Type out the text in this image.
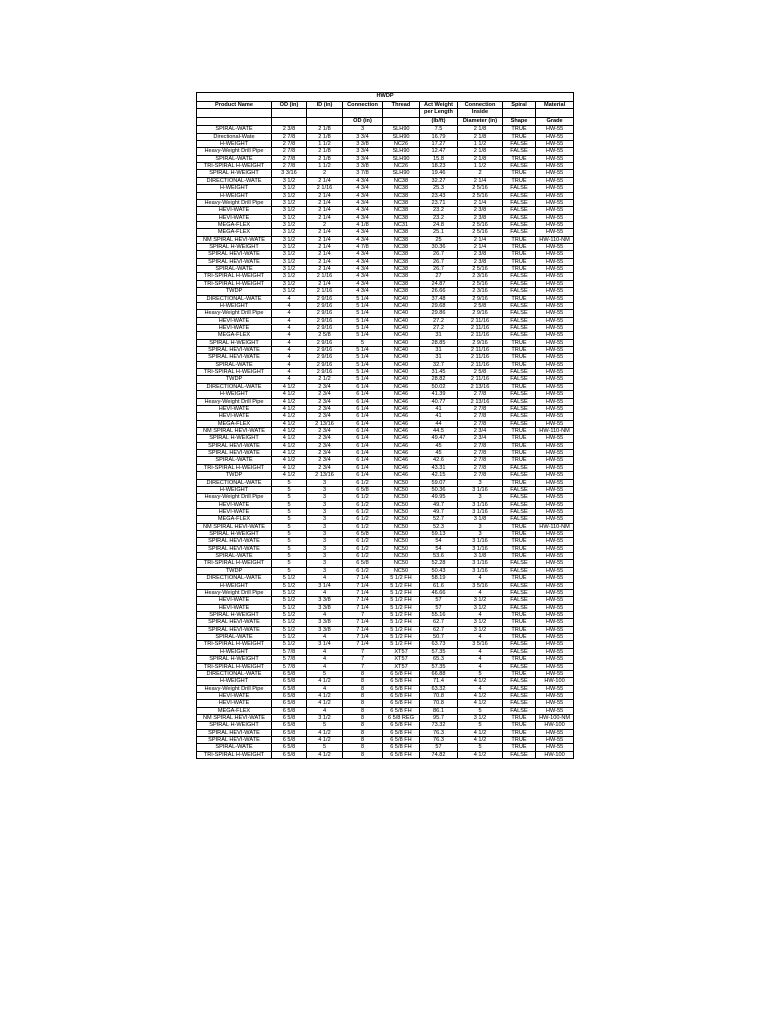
HWDP								
Product Name	OD (in)	ID (in)	Connection	Thread	Act Weight	Connection	Spiral	Material
					per Length	Inside		
			OD (in)		(lb/ft)	Diameter (in)	Shape	Grade
SPIRAL-WATE	2 3/8	2 1/8	3	SLH90	7.5	2 1/8	TRUE	HW-55
Directional-Wate	2 7/8	2 1/8	3 3/4	SLH90	16.79	2 1/8	TRUE	HW-55
H-WEIGHT	2 7/8	1 1/2	3 3/8	NC26	17.27	1 1/2	FALSE	HW-55
Heavy-Weight Drill Pipe	2 7/8	2 1/8	3 3/4	SLH90	12.47	2 1/8	FALSE	HW-55
SPIRAL-WATE	2 7/8	2 1/8	3 3/4	SLH90	15.8	2 1/8	TRUE	HW-55
TRI-SPIRAL H-WEIGHT	2 7/8	1 1/2	3 3/8	NC26	18.23	1 1/2	FALSE	HW-55
SPIRAL H-WEIGHT	3 3/16	2	3 7/8	SLH90	19.46	2	TRUE	HW-55
DIRECTIONAL-WATE	3 1/2	2 1/4	4 3/4	NC38	32.27	2 1/4	TRUE	HW-55
H-WEIGHT	3 1/2	2 1/16	4 3/4	NC38	25.3	2 5/16	FALSE	HW-55
H-WEIGHT	3 1/2	2 1/4	4 3/4	NC38	23.43	2 5/16	FALSE	HW-55
Heavy-Weight Drill Pipe	3 1/2	2 1/4	4 3/4	NC38	23.71	2 1/4	FALSE	HW-55
HEVI-WATE	3 1/2	2 1/4	4 3/4	NC38	23.2	2 3/8	FALSE	HW-55
HEVI-WATE	3 1/2	2 1/4	4 3/4	NC38	23.2	2 3/8	FALSE	HW-55
MEGA-FLEX	3 1/2	2	4 1/8	NC31	24.8	2 5/16	FALSE	HW-55
MEGA-FLEX	3 1/2	2 1/4	4 3/4	NC38	25.1	2 5/16	FALSE	HW-55
NM SPIRAL HEVI-WATE	3 1/2	2 1/4	4 3/4	NC38	25	2 1/4	TRUE	HW-110-NM
SPIRAL H-WEIGHT	3 1/2	2 1/4	4 7/8	NC38	30.36	2 1/4	TRUE	HW-55
SPIRAL HEVI-WATE	3 1/2	2 1/4	4 3/4	NC38	26.7	2 3/8	TRUE	HW-55
SPIRAL HEVI-WATE	3 1/2	2 1/4	4 3/4	NC38	26.7	2 3/8	TRUE	HW-55
SPIRAL-WATE	3 1/2	2 1/4	4 3/4	NC38	26.7	2 5/16	TRUE	HW-55
TRI-SPIRAL H-WEIGHT	3 1/2	2 1/16	4 3/4	NC38	27	2 3/16	FALSE	HW-55
TRI-SPIRAL H-WEIGHT	3 1/2	2 1/4	4 3/4	NC38	24.87	2 5/16	FALSE	HW-55
TWDP	3 1/2	2 1/16	4 3/4	NC38	26.66	2 3/16	FALSE	HW-55
DIRECTIONAL-WATE	4	2 9/16	5 1/4	NC40	37.48	2 9/16	TRUE	HW-55
H-WEIGHT	4	2 9/16	5 1/4	NC40	29.68	2 5/8	FALSE	HW-55
Heavy-Weight Drill Pipe	4	2 9/16	5 1/4	NC40	29.86	2 9/16	FALSE	HW-55
HEVI-WATE	4	2 9/16	5 1/4	NC40	27.2	2 11/16	FALSE	HW-55
HEVI-WATE	4	2 9/16	5 1/4	NC40	27.2	2 11/16	FALSE	HW-55
MEGA-FLEX	4	2 5/8	5 1/4	NC40	31	2 11/16	FALSE	HW-55
SPIRAL H-WEIGHT	4	2 9/16	5	NC40	28.85	2 9/16	TRUE	HW-55
SPIRAL HEVI-WATE	4	2 9/16	5 1/4	NC40	31	2 11/16	TRUE	HW-55
SPIRAL HEVI-WATE	4	2 9/16	5 1/4	NC40	31	2 11/16	TRUE	HW-55
SPIRAL-WATE	4	2 9/16	5 1/4	NC40	32.7	2 11/16	TRUE	HW-55
TRI-SPIRAL H-WEIGHT	4	2 9/16	5 1/4	NC40	31.45	2 5/8	FALSE	HW-55
TWDP	4	2 1/2	5 1/4	NC40	28.82	2 11/16	FALSE	HW-55
DIRECTIONAL-WATE	4 1/2	2 3/4	6 1/4	NC46	50.02	2 13/16	TRUE	HW-55
H-WEIGHT	4 1/2	2 3/4	6 1/4	NC46	41.39	2 7/8	FALSE	HW-55
Heavy-Weight Drill Pipe	4 1/2	2 3/4	6 1/4	NC46	40.77	2 13/16	FALSE	HW-55
HEVI-WATE	4 1/2	2 3/4	6 1/4	NC46	41	2 7/8	FALSE	HW-55
HEVI-WATE	4 1/2	2 3/4	6 1/4	NC46	41	2 7/8	FALSE	HW-55
MEGA-FLEX	4 1/2	2 13/16	6 1/4	NC46	44	2 7/8	FALSE	HW-55
NM SPIRAL HEVI-WATE	4 1/2	2 3/4	6 1/4	NC46	44.5	2 3/4	TRUE	HW-110-NM
SPIRAL H-WEIGHT	4 1/2	2 3/4	6 1/4	NC46	49.47	2 3/4	TRUE	HW-55
SPIRAL HEVI-WATE	4 1/2	2 3/4	6 1/4	NC46	45	2 7/8	TRUE	HW-55
SPIRAL HEVI-WATE	4 1/2	2 3/4	6 1/4	NC46	45	2 7/8	TRUE	HW-55
SPIRAL-WATE	4 1/2	2 3/4	6 1/4	NC46	42.6	2 7/8	TRUE	HW-55
TRI-SPIRAL H-WEIGHT	4 1/2	2 3/4	6 1/4	NC46	43.31	2 7/8	FALSE	HW-55
TWDP	4 1/2	2 13/16	6 1/4	NC46	42.15	2 7/8	FALSE	HW-55
DIRECTIONAL-WATE	5	3	6 1/2	NC50	59.07	3	TRUE	HW-55
H-WEIGHT	5	3	6 5/8	NC50	50.36	3 1/16	FALSE	HW-55
Heavy-Weight Drill Pipe	5	3	6 1/2	NC50	49.95	3	FALSE	HW-55
HEVI-WATE	5	3	6 1/2	NC50	49.7	3 1/16	FALSE	HW-55
HEVI-WATE	5	3	6 1/2	NC50	49.7	3 1/16	FALSE	HW-55
MEGA-FLEX	5	3	6 1/2	NC50	52.7	3 1/8	FALSE	HW-55
NM SPIRAL HEVI-WATE	5	3	6 1/2	NC50	52.3	3	TRUE	HW-110-NM
SPIRAL H-WEIGHT	5	3	6 5/8	NC50	59.13	3	TRUE	HW-55
SPIRAL HEVI-WATE	5	3	6 1/2	NC50	54	3 1/16	TRUE	HW-55
SPIRAL HEVI-WATE	5	3	6 1/2	NC50	54	3 1/16	TRUE	HW-55
SPIRAL-WATE	5	3	6 1/2	NC50	53.6	3 1/8	TRUE	HW-55
TRI-SPIRAL H-WEIGHT	5	3	6 5/8	NC50	52.28	3 1/16	FALSE	HW-55
TWDP	5	3	6 1/2	NC50	50.43	3 1/16	FALSE	HW-55
DIRECTIONAL-WATE	5 1/2	4	7 1/4	5 1/2 FH	58.19	4	TRUE	HW-55
H-WEIGHT	5 1/2	3 1/4	7 1/4	5 1/2 FH	61.6	3 5/16	FALSE	HW-55
Heavy-Weight Drill Pipe	5 1/2	4	7 1/4	5 1/2 FH	46.66	4	FALSE	HW-55
HEVI-WATE	5 1/2	3 3/8	7 1/4	5 1/2 FH	57	3 1/2	FALSE	HW-55
HEVI-WATE	5 1/2	3 3/8	7 1/4	5 1/2 FH	57	3 1/2	FALSE	HW-55
SPIRAL H-WEIGHT	5 1/2	4	7	5 1/2 FH	55.16	4	TRUE	HW-55
SPIRAL HEVI-WATE	5 1/2	3 3/8	7 1/4	5 1/2 FH	62.7	3 1/2	TRUE	HW-55
SPIRAL HEVI-WATE	5 1/2	3 3/8	7 1/4	5 1/2 FH	62.7	3 1/2	TRUE	HW-55
SPIRAL-WATE	5 1/2	4	7 1/4	5 1/2 FH	50.7	4	TRUE	HW-55
TRI-SPIRAL H-WEIGHT	5 1/2	3 1/4	7 1/4	5 1/2 FH	63.73	3 5/16	FALSE	HW-55
H-WEIGHT	5 7/8	4	7	XT57	57.35	4	FALSE	HW-55
SPIRAL H-WEIGHT	5 7/8	4	7	XT57	65.3	4	TRUE	HW-55
TRI-SPIRAL H-WEIGHT	5 7/8	4	7	XT57	57.35	4	FALSE	HW-55
DIRECTIONAL-WATE	6 5/8	5	8	6 5/8 FH	66.88	5	TRUE	HW-55
H-WEIGHT	6 5/8	4 1/2	8	6 5/8 FH	71.4	4 1/2	FALSE	HW-100
Heavy-Weight Drill Pipe	6 5/8	4	8	6 5/8 FH	63.32	4	FALSE	HW-55
HEVI-WATE	6 5/8	4 1/2	8	6 5/8 FH	70.8	4 1/2	FALSE	HW-55
HEVI-WATE	6 5/8	4 1/2	8	6 5/8 FH	70.8	4 1/2	FALSE	HW-55
MEGA-FLEX	6 5/8	4	8	6 5/8 FH	86.1	5	FALSE	HW-55
NM SPIRAL HEVI-WATE	6 5/8	3 1/2	8	6 5/8 REG	95.7	3 1/2	TRUE	HW-100-NM
SPIRAL H-WEIGHT	6 5/8	5	8	6 5/8 FH	73.32	5	TRUE	HW-100
SPIRAL HEVI-WATE	6 5/8	4 1/2	8	6 5/8 FH	76.3	4 1/2	TRUE	HW-55
SPIRAL HEVI-WATE	6 5/8	4 1/2	8	6 5/8 FH	76.3	4 1/2	TRUE	HW-55
SPIRAL-WATE	6 5/8	5	8	6 5/8 FH	57	5	TRUE	HW-55
TRI-SPIRAL H-WEIGHT	6 5/8	4 1/2	8	6 5/8 FH	74.82	4 1/2	FALSE	HW-100
